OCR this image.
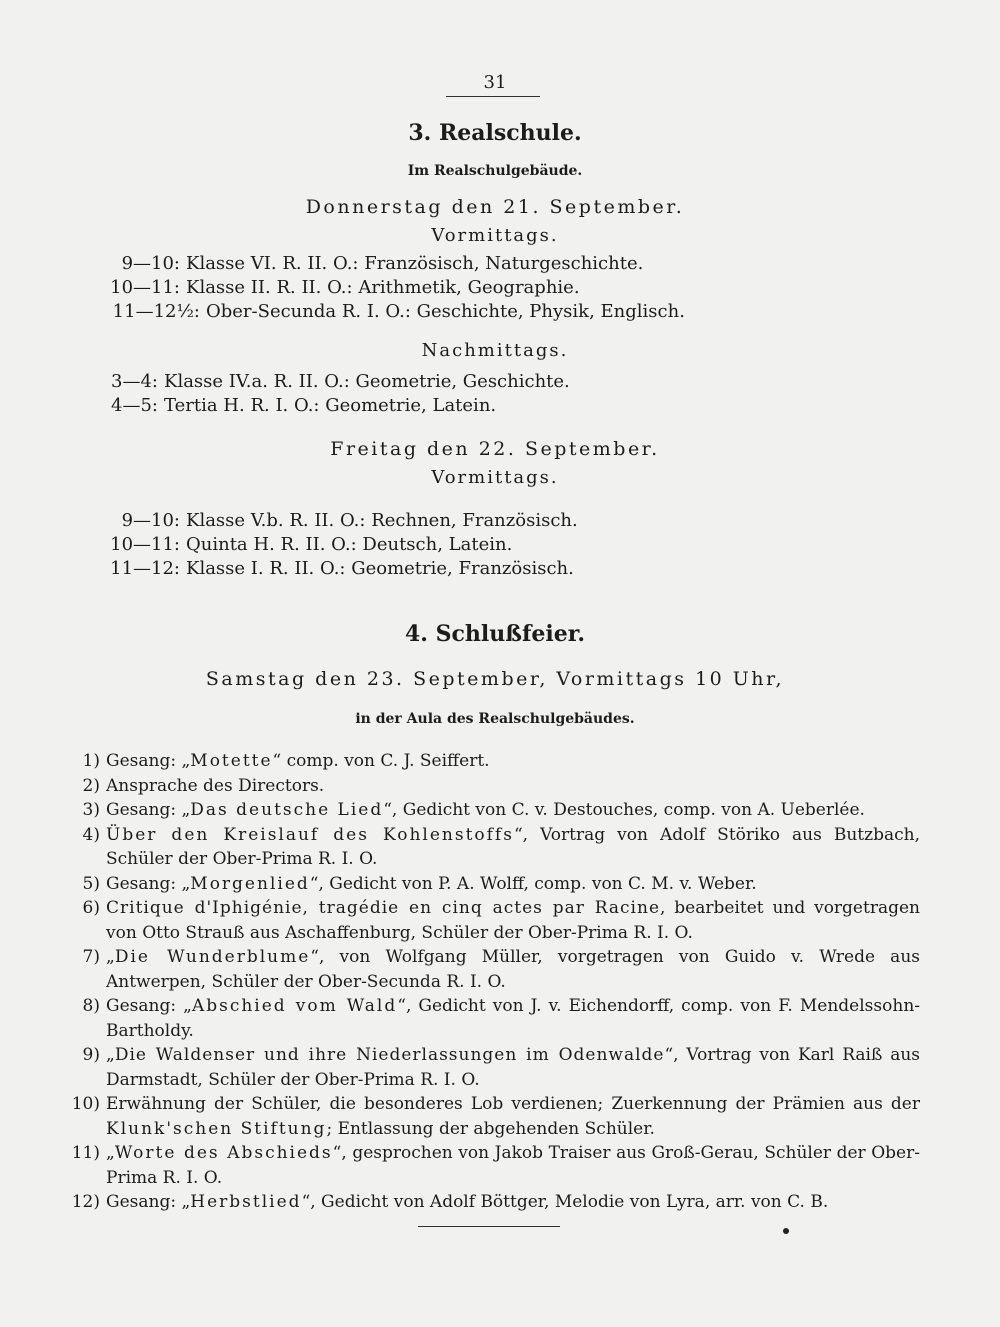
31
3. Realschule.
Im Realschulgebäude.
Donnerstag den 21. September.
Vormittags.
9—10: Klasse VI. R. II. O.: Französisch, Naturgeschichte.
10—11: Klasse II. R. II. O.: Arithmetik, Geographie.
11—12½: Ober-Secunda R. I. O.: Geschichte, Physik, Englisch.
Nachmittags.
3—4: Klasse IV.a. R. II. O.: Geometrie, Geschichte.
4—5: Tertia H. R. I. O.: Geometrie, Latein.
Freitag den 22. September.
Vormittags.
9—10: Klasse V.b. R. II. O.: Rechnen, Französisch.
10—11: Quinta H. R. II. O.: Deutsch, Latein.
11—12: Klasse I. R. II. O.: Geometrie, Französisch.
4. Schlußfeier.
Samstag den 23. September, Vormittags 10 Uhr,
in der Aula des Realschulgebäudes.
1) Gesang: „Motette“ comp. von C. J. Seiffert.
2) Ansprache des Directors.
3) Gesang: „Das deutsche Lied“, Gedicht von C. v. Destouches, comp. von A. Ueberlée.
4) Über den Kreislauf des Kohlenstoffs“, Vortrag von Adolf Störiko aus Butzbach, Schüler der Ober-Prima R. I. O.
5) Gesang: „Morgenlied“, Gedicht von P. A. Wolff, comp. von C. M. v. Weber.
6) Critique d'Iphigénie, tragédie en cinq actes par Racine, bearbeitet und vorgetragen von Otto Strauß aus Aschaffenburg, Schüler der Ober-Prima R. I. O.
7) „Die Wunderblume“, von Wolfgang Müller, vorgetragen von Guido v. Wrede aus Antwerpen, Schüler der Ober-Secunda R. I. O.
8) Gesang: „Abschied vom Wald“, Gedicht von J. v. Eichendorff, comp. von F. Mendelssohn-Bartholdy.
9) „Die Waldenser und ihre Niederlassungen im Odenwalde“, Vortrag von Karl Raiß aus Darmstadt, Schüler der Ober-Prima R. I. O.
10) Erwähnung der Schüler, die besonderes Lob verdienen; Zuerkennung der Prämien aus der Klunk'schen Stiftung; Entlassung der abgehenden Schüler.
11) „Worte des Abschieds“, gesprochen von Jakob Traiser aus Groß-Gerau, Schüler der Ober-Prima R. I. O.
12) Gesang: „Herbstlied“, Gedicht von Adolf Böttger, Melodie von Lyra, arr. von C. B.
